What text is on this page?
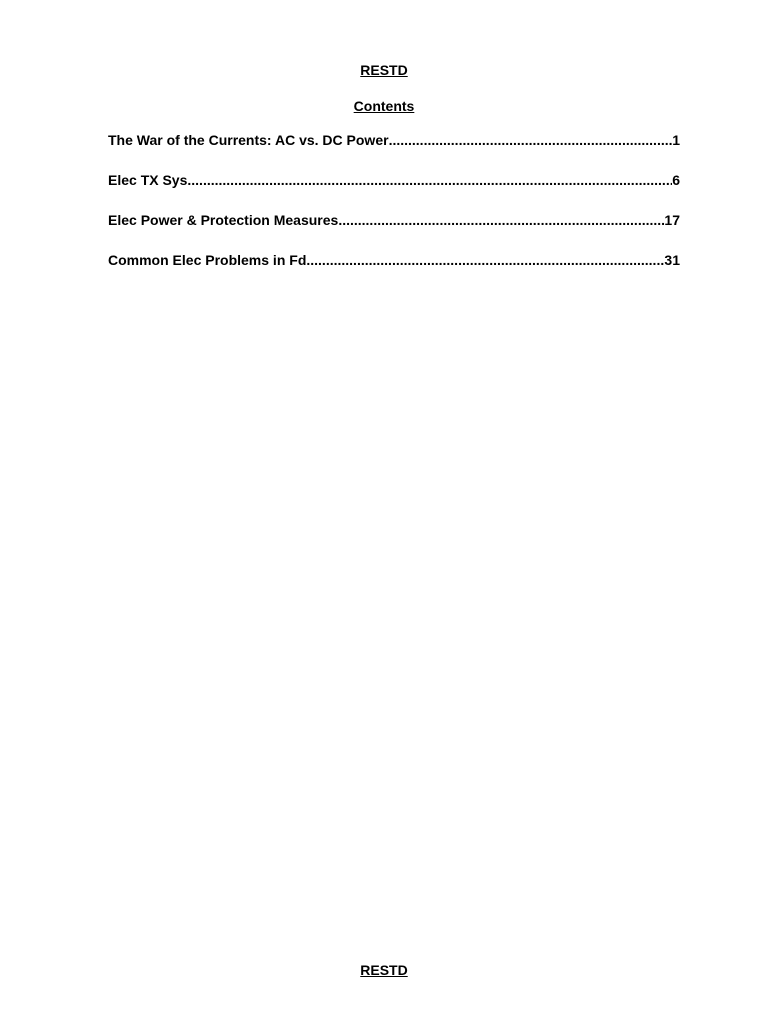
RESTD
Contents
The War of the Currents: AC vs. DC Power .....	1
Elec TX Sys .....	6
Elec Power & Protection Measures .....	17
Common Elec Problems in Fd .....	31
RESTD
